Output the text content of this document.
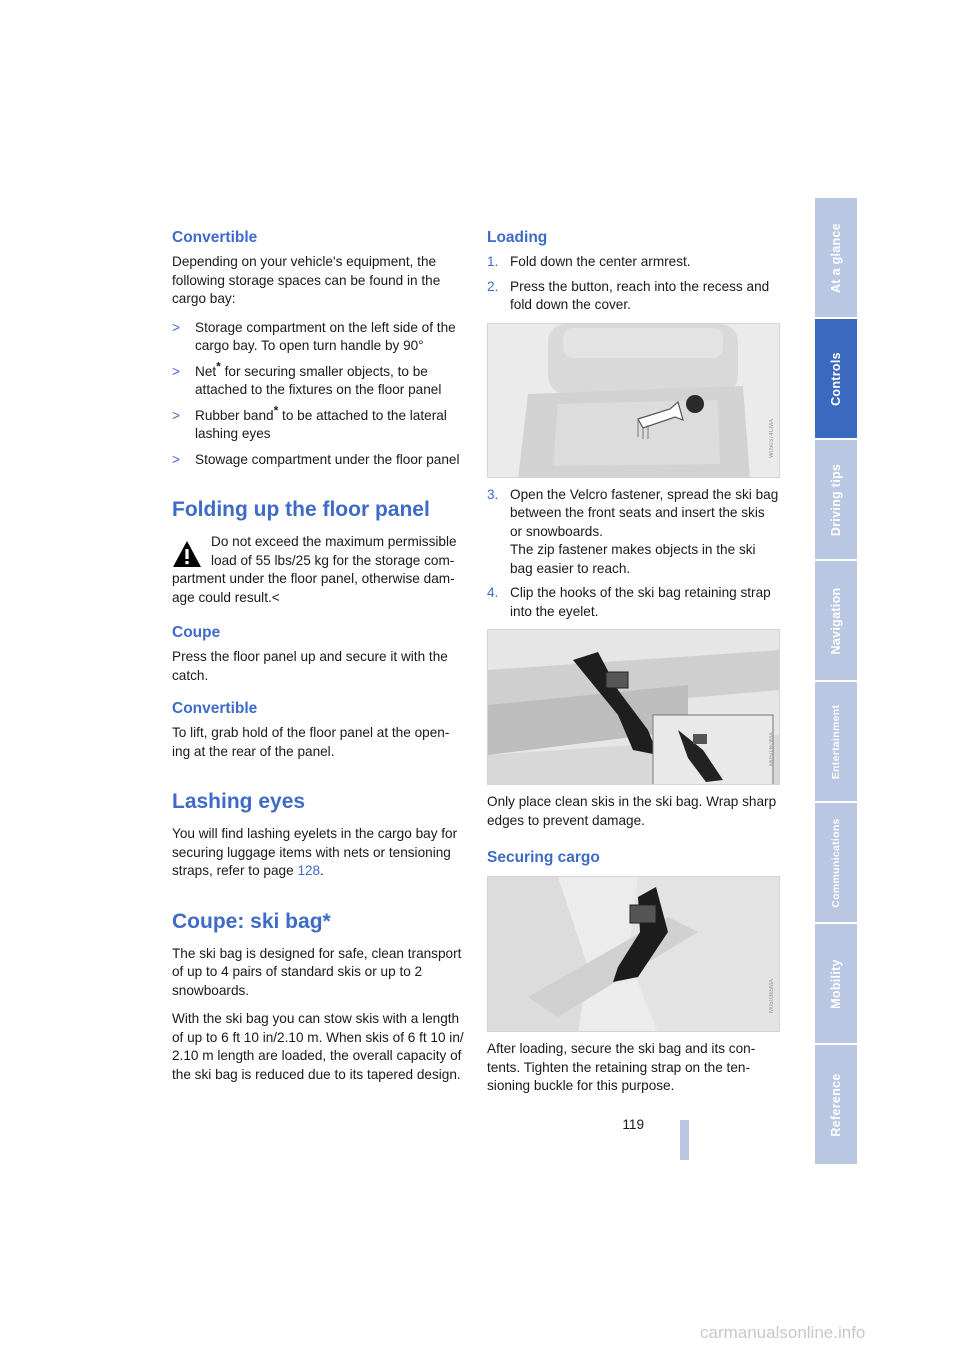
Convertible

Depending on your vehicle's equipment, the following storage spaces can be found in the cargo bay:

> Storage compartment on the left side of the cargo bay. To open turn handle by 90°
> Net* for securing smaller objects, to be attached to the fixtures on the floor panel
> Rubber band* to be attached to the lateral lashing eyes
> Stowage compartment under the floor panel
Folding up the floor panel
Do not exceed the maximum permissible load of 55 lbs/25 kg for the storage com-
partment under the floor panel, otherwise dam-age could result.<
Coupe

Press the floor panel up and secure it with the catch.

Convertible

To lift, grab hold of the floor panel at the open-ing at the rear of the panel.

Lashing eyes

You will find lashing eyelets in the cargo bay for securing luggage items with nets or tensioning straps, refer to page 128.

Coupe: ski bag*

The ski bag is designed for safe, clean transport of up to 4 pairs of standard skis or up to 2 snowboards.

With the ski bag you can stow skis with a length of up to 6 ft 10 in/2.10 m. When skis of 6 ft 10 in/ 2.10 m length are loaded, the overall capacity of the ski bag is reduced due to its tapered design.

Loading
1. Fold down the center armrest.
2. Press the button, reach into the recess and fold down the cover.
W050374CMA
3. Open the Velcro fastener, spread the ski bag between the front seats and insert the skis or snowboards.
The zip fastener makes objects in the ski bag easier to reach.
4. Clip the hooks of the ski bag retaining strap into the eyelet.
M050363MA

Only place clean skis in the ski bag. Wrap sharp edges to prevent damage.

Securing cargo
M050365MA

After loading, secure the ski bag and its con-tents. Tighten the retaining strap on the ten-sioning buckle for this purpose.

At a glance
Controls
Driving tips
Navigation
Entertainment
Communications
Mobility
Reference
119
carmanualsonline.info
